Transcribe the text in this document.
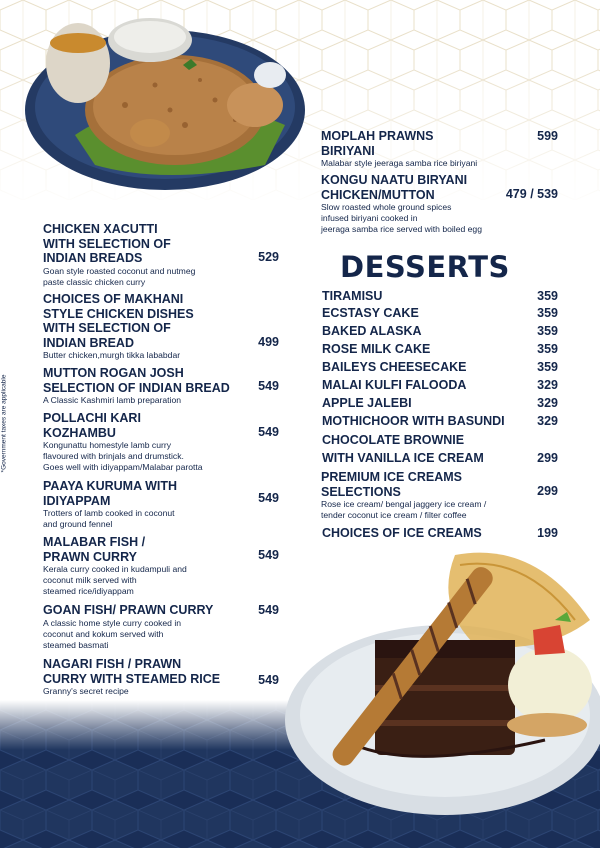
*Government taxes are applicable
CHICKEN XACUTTI
WITH SELECTION OF
INDIAN BREADS
Goan style roasted coconut and nutmeg
paste classic chicken curry
529
CHOICES OF MAKHANI
STYLE CHICKEN DISHES
WITH SELECTION OF
INDIAN BREAD
Butter chicken,murgh tikka lababdar
499
MUTTON ROGAN JOSH
SELECTION OF INDIAN BREAD
A Classic Kashmiri lamb preparation
549
POLLACHI KARI
KOZHAMBU
Kongunattu homestyle lamb curry
flavoured with brinjals and drumstick.
Goes well with idiyappam/Malabar parotta
549
PAAYA KURUMA WITH
IDIYAPPAM
Trotters of lamb cooked in coconut
and ground fennel
549
MALABAR FISH /
PRAWN CURRY
Kerala curry cooked in kudampuli and
coconut milk served with
steamed rice/idiyappam
549
GOAN FISH/ PRAWN CURRY
A classic home style curry cooked in
coconut and kokum served with
steamed basmati
549
NAGARI FISH / PRAWN
CURRY WITH STEAMED RICE
Granny's secret recipe
549
MOPLAH PRAWNS
BIRIYANI
Malabar style jeeraga samba rice biriyani
599
KONGU NAATU BIRYANI
CHICKEN/MUTTON
Slow roasted whole ground spices
infused biriyani cooked in
jeeraga samba rice served with boiled egg
479 / 539
DESSERTS
TIRAMISU	359
ECSTASY CAKE	359
BAKED ALASKA	359
ROSE MILK CAKE	359
BAILEYS CHEESECAKE	359
MALAI KULFI FALOODA	329
APPLE JALEBI	329
MOTHICHOOR WITH BASUNDI	329
CHOCOLATE BROWNIE
WITH VANILLA ICE CREAM	299
PREMIUM ICE CREAMS
SELECTIONS
Rose ice cream/ bengal jaggery ice cream /
tender coconut ice cream / filter coffee
299
CHOICES OF ICE CREAMS	199
